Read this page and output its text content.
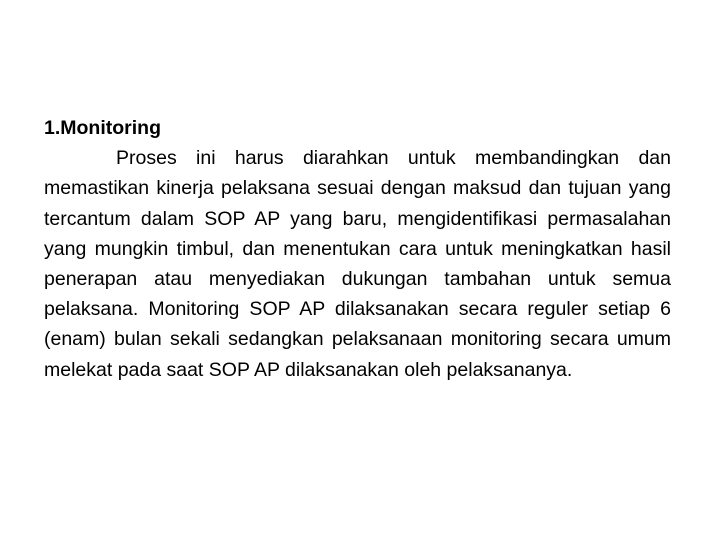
1.Monitoring

Proses ini harus diarahkan untuk membandingkan dan memastikan kinerja pelaksana sesuai dengan maksud dan tujuan yang tercantum dalam SOP AP yang baru, mengidentifikasi permasalahan yang mungkin timbul, dan menentukan cara untuk meningkatkan hasil penerapan atau menyediakan dukungan tambahan untuk semua pelaksana. Monitoring SOP AP dilaksanakan secara reguler setiap 6 (enam) bulan sekali sedangkan pelaksanaan monitoring secara umum melekat pada saat SOP AP dilaksanakan oleh pelaksananya.
